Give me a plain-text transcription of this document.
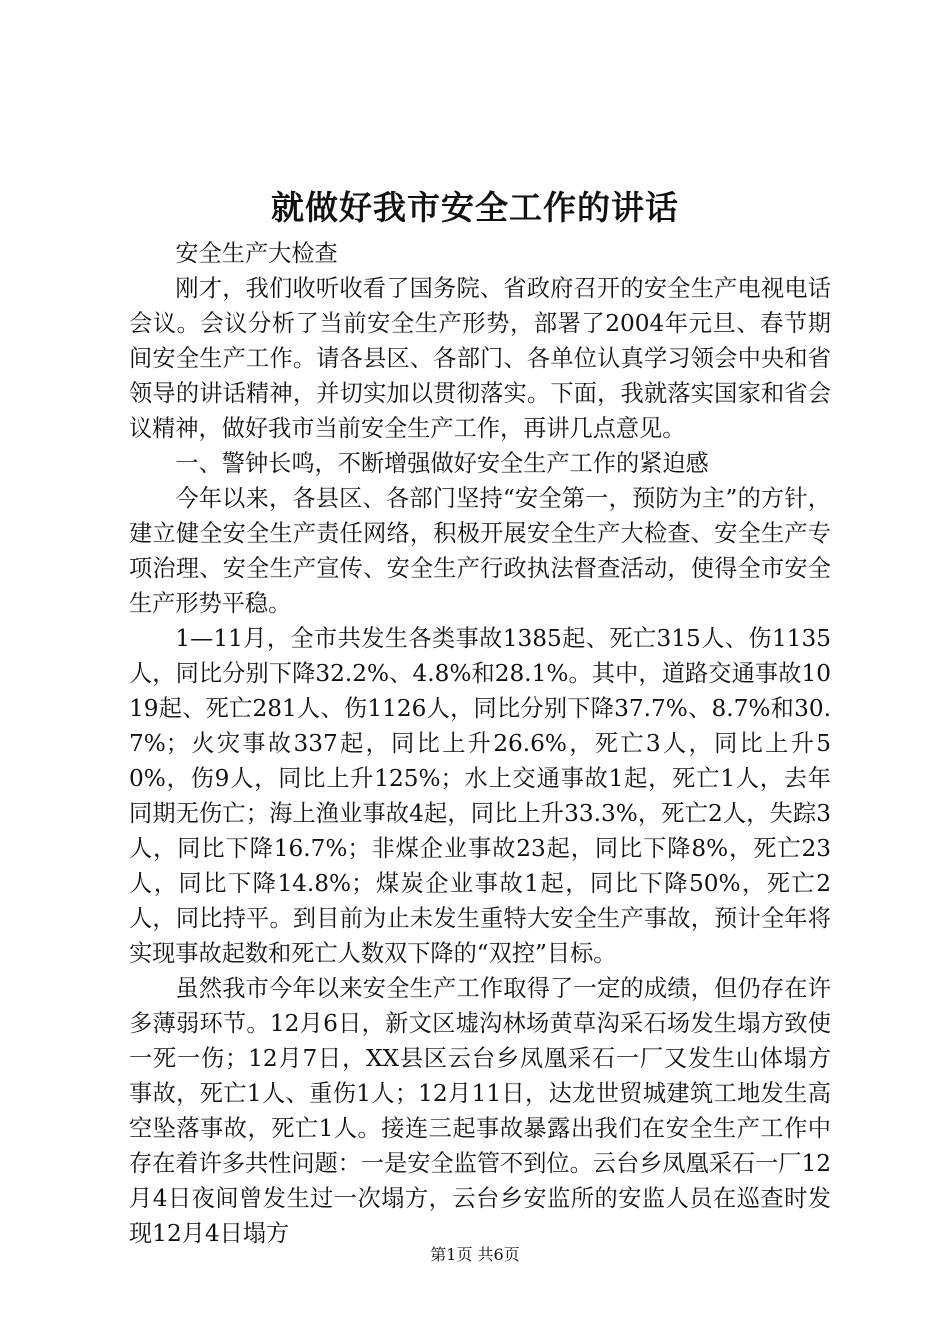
就做好我市安全工作的讲话

安全生产大检查

刚才，我们收听收看了国务院、省政府召开的安全生产电视电话会议。会议分析了当前安全生产形势，部署了2004年元旦、春节期间安全生产工作。请各县区、各部门、各单位认真学习领会中央和省领导的讲话精神，并切实加以贯彻落实。下面，我就落实国家和省会议精神，做好我市当前安全生产工作，再讲几点意见。

一、警钟长鸣，不断增强做好安全生产工作的紧迫感

今年以来，各县区、各部门坚持“安全第一，预防为主”的方针，建立健全安全生产责任网络，积极开展安全生产大检查、安全生产专项治理、安全生产宣传、安全生产行政执法督查活动，使得全市安全生产形势平稳。

1—11月，全市共发生各类事故1385起、死亡315人、伤1135人，同比分别下降32.2%、4.8%和28.1%。其中，道路交通事故1019起、死亡281人、伤1126人，同比分别下降37.7%、8.7%和30.7%；火灾事故337起，同比上升26.6%，死亡3人，同比上升50%，伤9人，同比上升125%；水上交通事故1起，死亡1人，去年同期无伤亡；海上渔业事故4起，同比上升33.3%，死亡2人，失踪3人，同比下降16.7%；非煤企业事故23起，同比下降8%，死亡23人，同比下降14.8%；煤炭企业事故1起，同比下降50%，死亡2人，同比持平。到目前为止未发生重特大安全生产事故，预计全年将实现事故起数和死亡人数双下降的“双控”目标。

虽然我市今年以来安全生产工作取得了一定的成绩，但仍存在许多薄弱环节。12月6日，新文区墟沟林场黄草沟采石场发生塌方致使一死一伤；12月7日，XX县区云台乡凤凰采石一厂又发生山体塌方事故，死亡1人、重伤1人；12月11日，达龙世贸城建筑工地发生高空坠落事故，死亡1人。接连三起事故暴露出我们在安全生产工作中存在着许多共性问题：一是安全监管不到位。云台乡凤凰采石一厂12月4日夜间曾发生过一次塌方，云台乡安监所的安监人员在巡查时发现12月4日塌方

第1页 共6页
